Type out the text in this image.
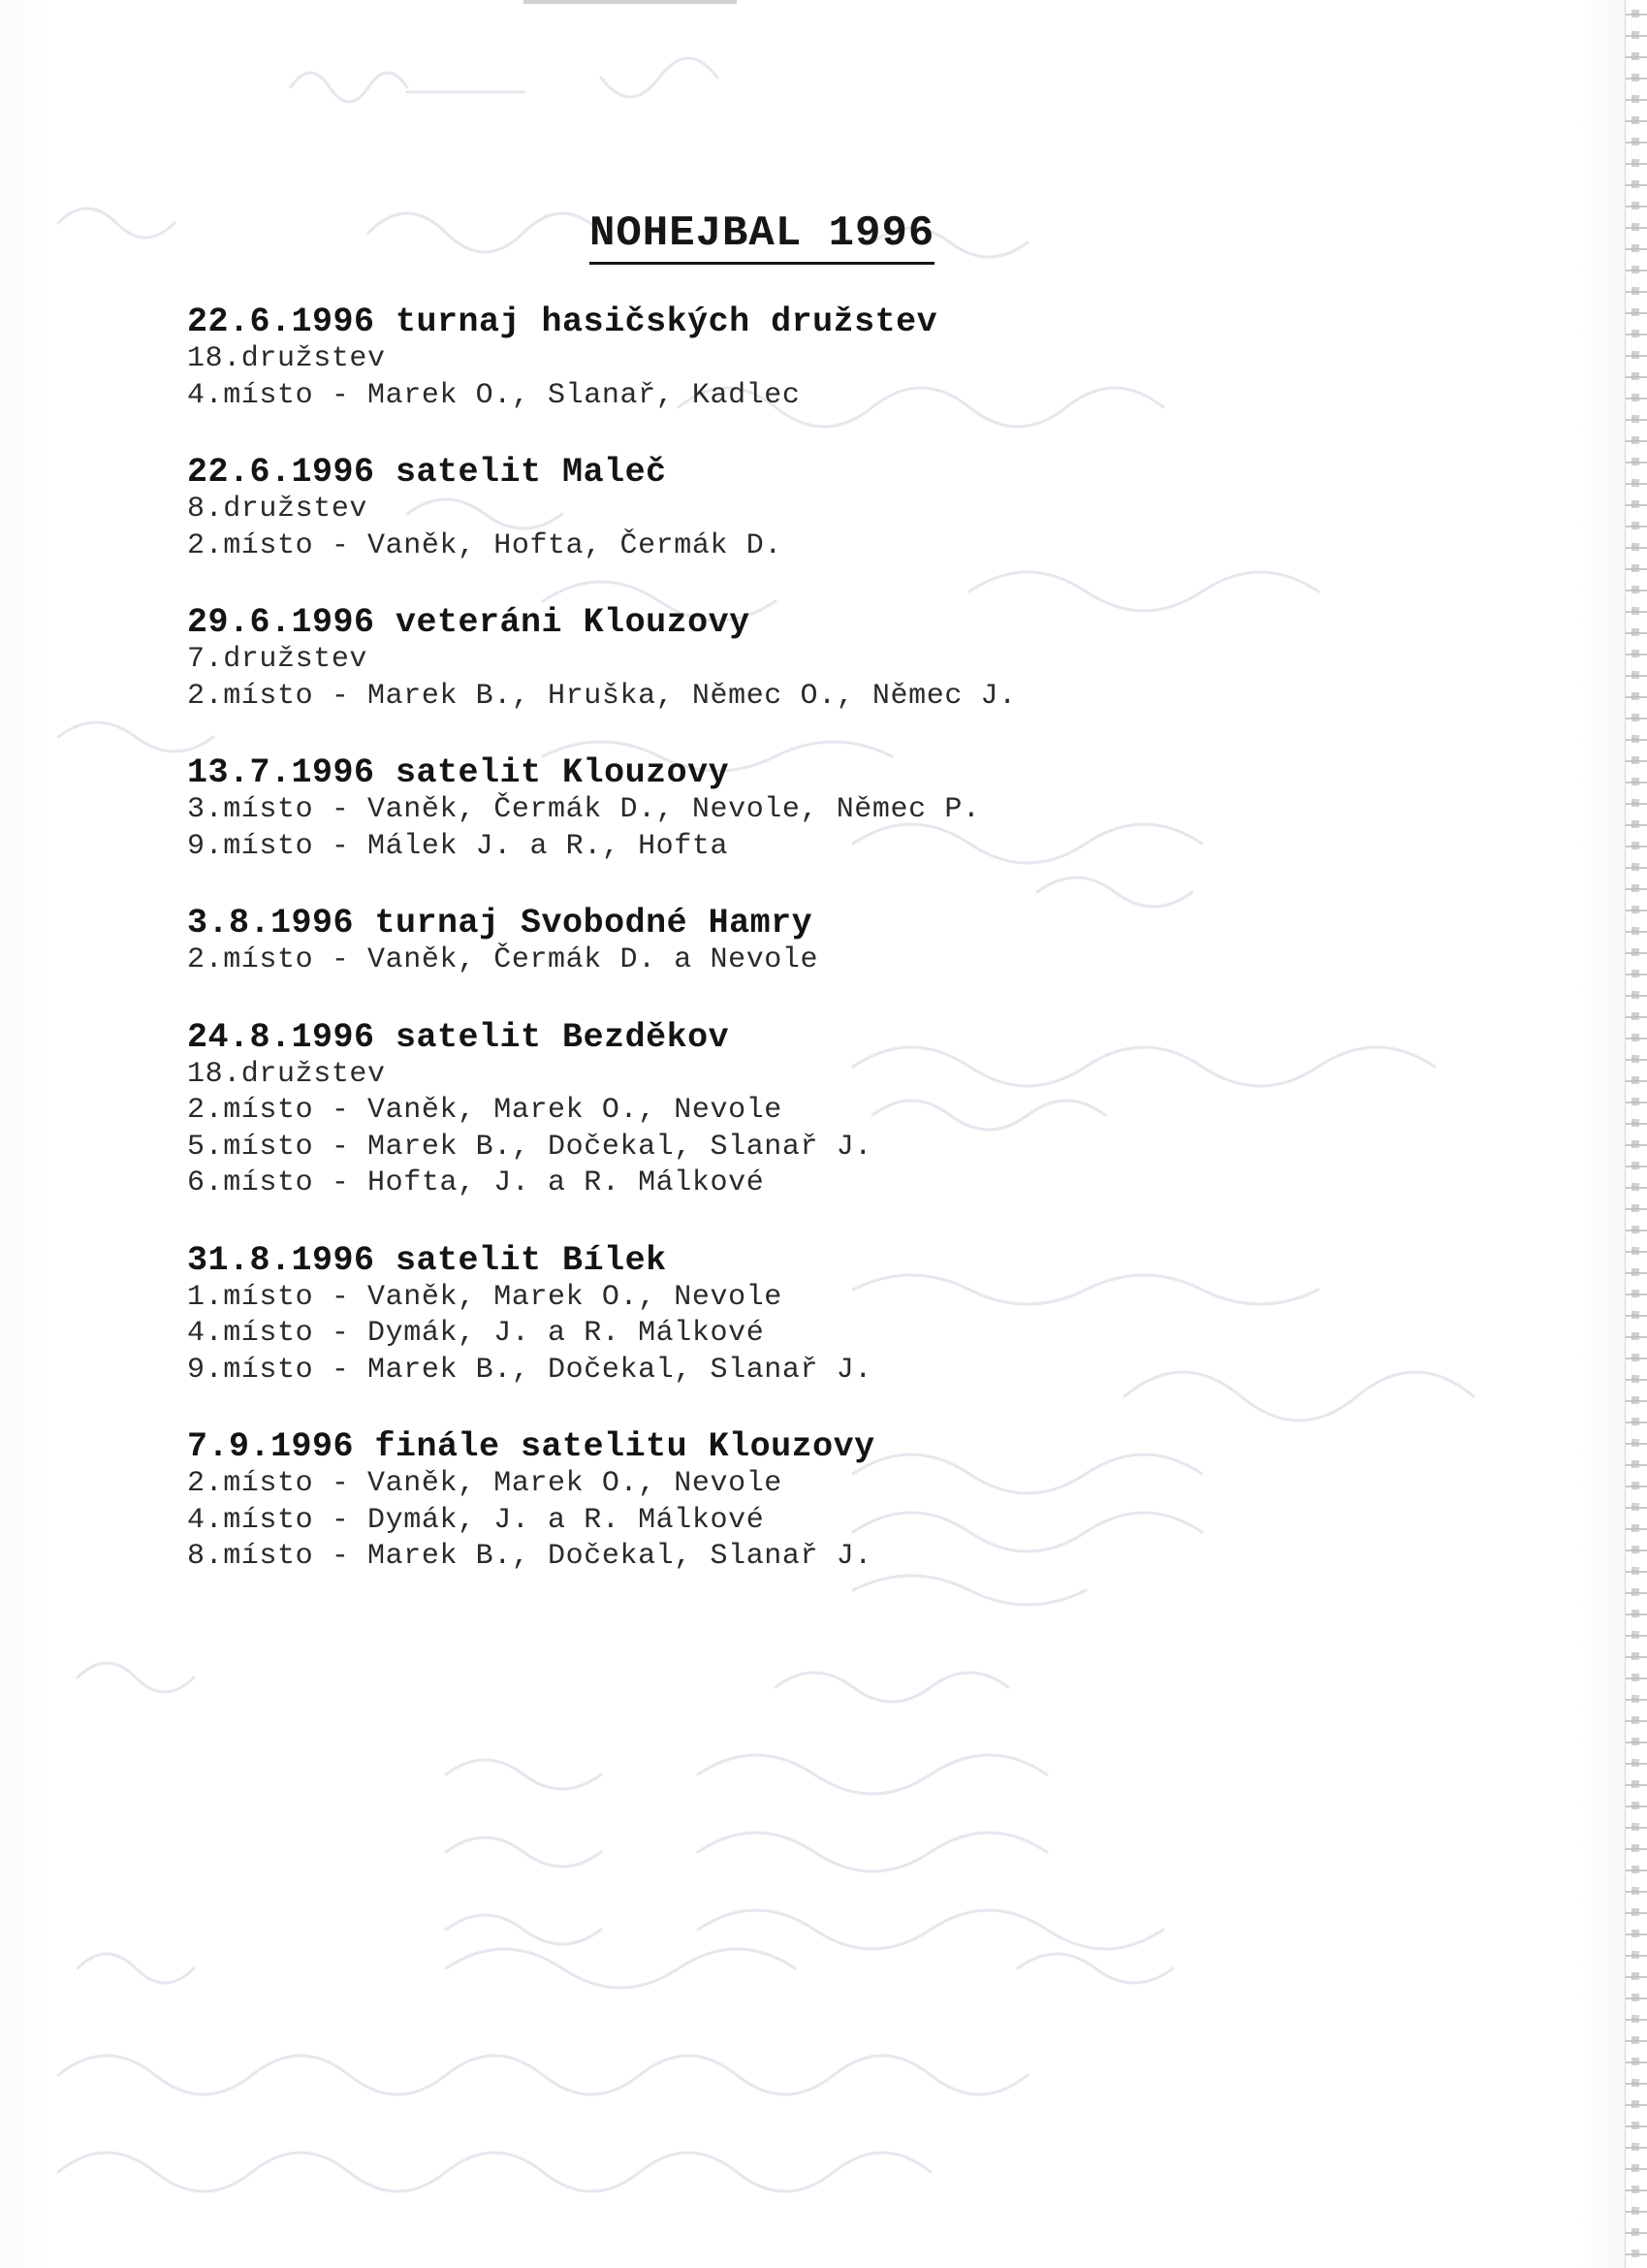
NOHEJBAL 1996
22.6.1996 turnaj hasičských družstev
18.družstev
4.místo - Marek O., Slanař, Kadlec
22.6.1996 satelit Maleč
8.družstev
2.místo - Vaněk, Hofta, Čermák D.
29.6.1996 veteráni Klouzovy
7.družstev
2.místo - Marek B., Hruška, Němec O., Němec J.
13.7.1996 satelit Klouzovy
3.místo - Vaněk, Čermák D., Nevole, Němec P.
9.místo - Málek J. a R., Hofta
3.8.1996 turnaj Svobodné Hamry
2.místo - Vaněk, Čermák D. a Nevole
24.8.1996 satelit Bezděkov
18.družstev
2.místo - Vaněk, Marek O., Nevole
5.místo - Marek B., Dočekal, Slanař J.
6.místo - Hofta, J. a R. Málkové
31.8.1996 satelit Bílek
1.místo - Vaněk, Marek O., Nevole
4.místo - Dymák, J. a R. Málkové
9.místo - Marek B., Dočekal, Slanař J.
7.9.1996 finále satelitu Klouzovy
2.místo - Vaněk, Marek O., Nevole
4.místo - Dymák, J. a R. Málkové
8.místo - Marek B., Dočekal, Slanař J.
